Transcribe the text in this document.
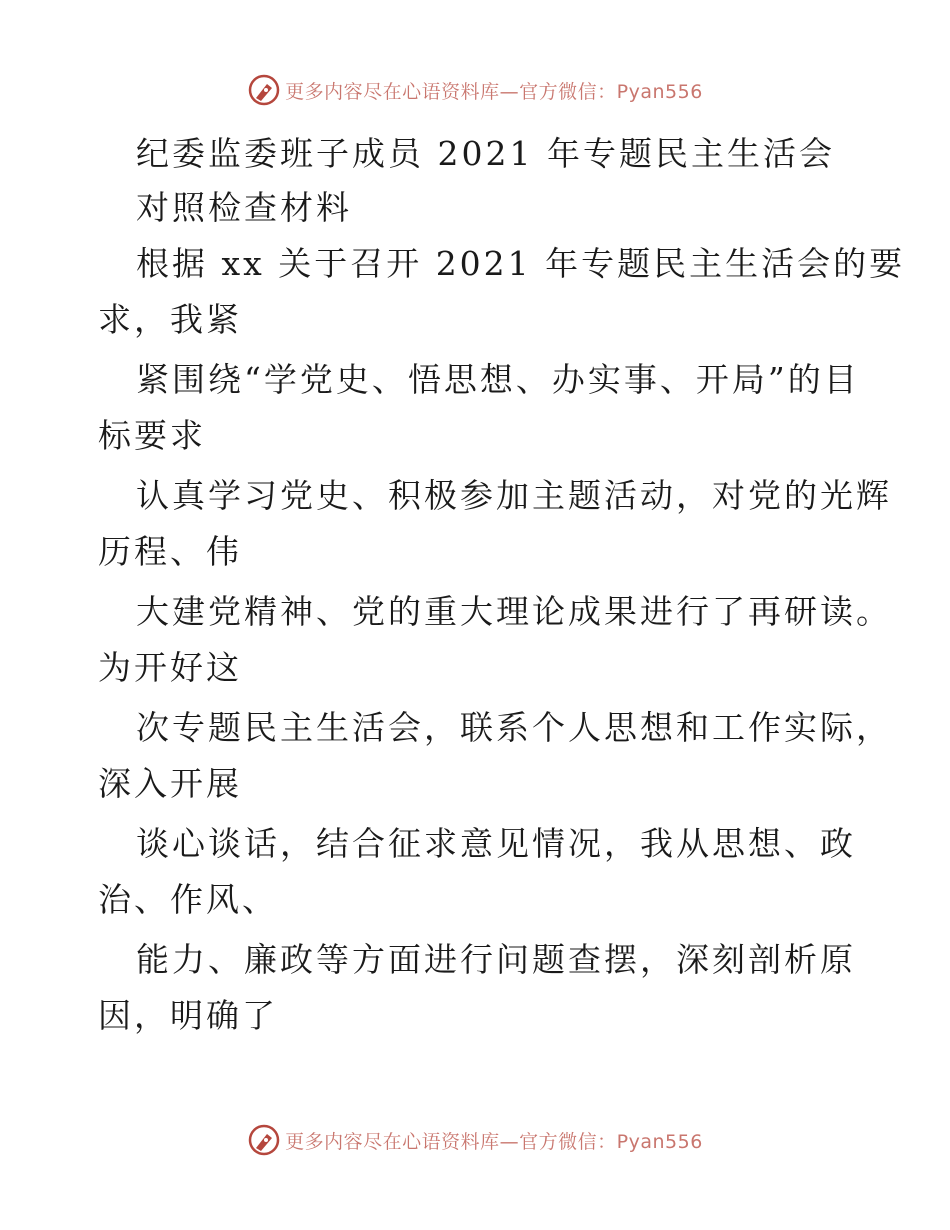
更多内容尽在心语资料库—官方微信：Pyan556
纪委监委班子成员 2021 年专题民主生活会
对照检查材料
根据 xx 关于召开 2021 年专题民主生活会的要
求，我紧
紧围绕“学党史、悟思想、办实事、开局”的目
标要求
认真学习党史、积极参加主题活动，对党的光辉
历程、伟
大建党精神、党的重大理论成果进行了再研读。
为开好这
次专题民主生活会，联系个人思想和工作实际，
深入开展
谈心谈话，结合征求意见情况，我从思想、政
治、作风、
能力、廉政等方面进行问题查摆，深刻剖析原
因，明确了
更多内容尽在心语资料库—官方微信：Pyan556
